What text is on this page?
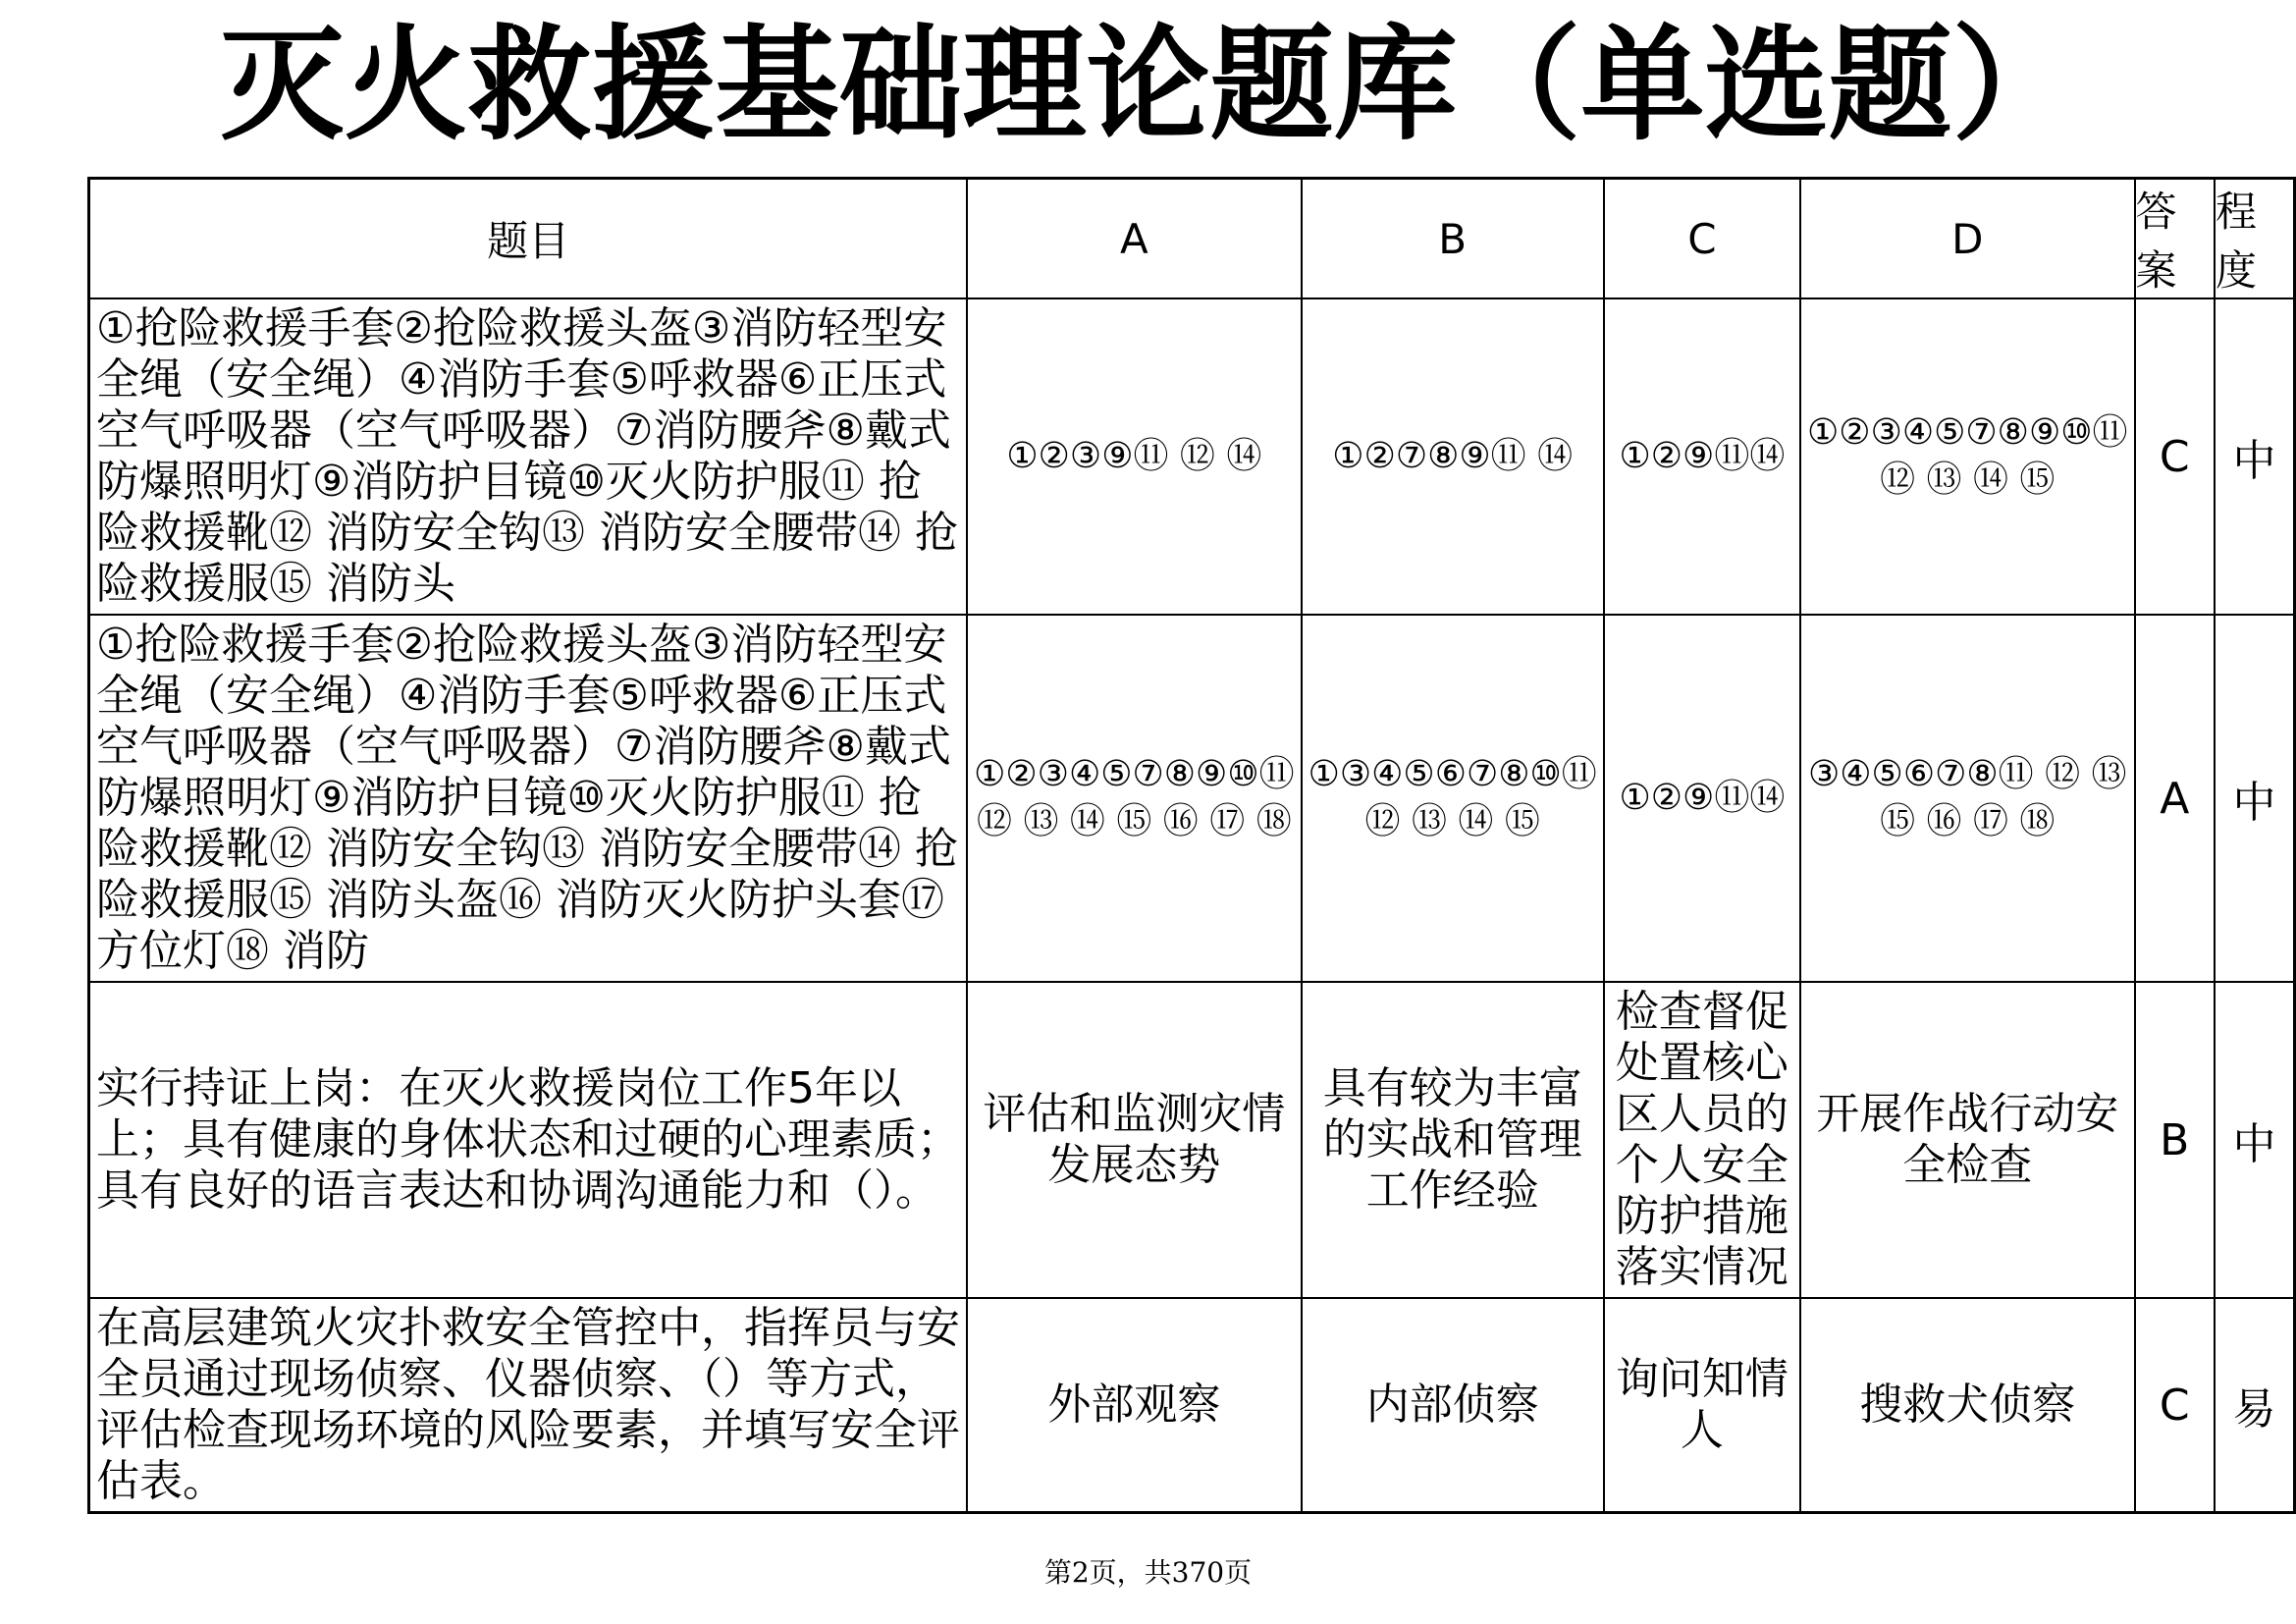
灭火救援基础理论题库（单选题）
题目	A	B	C	D	答案	程度

①抢险救援手套②抢险救援头盔③消防轻型安全绳（安全绳）④消防手套⑤呼救器⑥正压式空气呼吸器（空气呼吸器）⑦消防腰斧⑧戴式防爆照明灯⑨消防护目镜⑩灭火防护服⑪ 抢险救援靴⑫ 消防安全钩⑬ 消防安全腰带⑭ 抢险救援服⑮ 消防头	①②③⑨⑪ ⑫ ⑭	①②⑦⑧⑨⑪ ⑭	①②⑨⑪⑭	①②③④⑤⑦⑧⑨⑩⑪ ⑫ ⑬ ⑭ ⑮	C	中

①抢险救援手套②抢险救援头盔③消防轻型安全绳（安全绳）④消防手套⑤呼救器⑥正压式空气呼吸器（空气呼吸器）⑦消防腰斧⑧戴式防爆照明灯⑨消防护目镜⑩灭火防护服⑪ 抢险救援靴⑫ 消防安全钩⑬ 消防安全腰带⑭ 抢险救援服⑮ 消防头盔⑯ 消防灭火防护头套⑰ 方位灯⑱ 消防	①②③④⑤⑦⑧⑨⑩⑪ ⑫ ⑬ ⑭ ⑮ ⑯ ⑰ ⑱	①③④⑤⑥⑦⑧⑩⑪ ⑫ ⑬ ⑭ ⑮	①②⑨⑪⑭	③④⑤⑥⑦⑧⑪ ⑫ ⑬ ⑮ ⑯ ⑰ ⑱	A	中

实行持证上岗：在灭火救援岗位工作5年以上；具有健康的身体状态和过硬的心理素质；具有良好的语言表达和协调沟通能力和（）。	评估和监测灾情发展态势	具有较为丰富的实战和管理工作经验	检查督促处置核心区人员的个人安全防护措施落实情况	开展作战行动安全检查	B	中

在高层建筑火灾扑救安全管控中，指挥员与安全员通过现场侦察、仪器侦察、（）等方式，评估检查现场环境的风险要素，并填写安全评估表。	外部观察	内部侦察	询问知情人	搜救犬侦察	C	易
第2页，共370页
